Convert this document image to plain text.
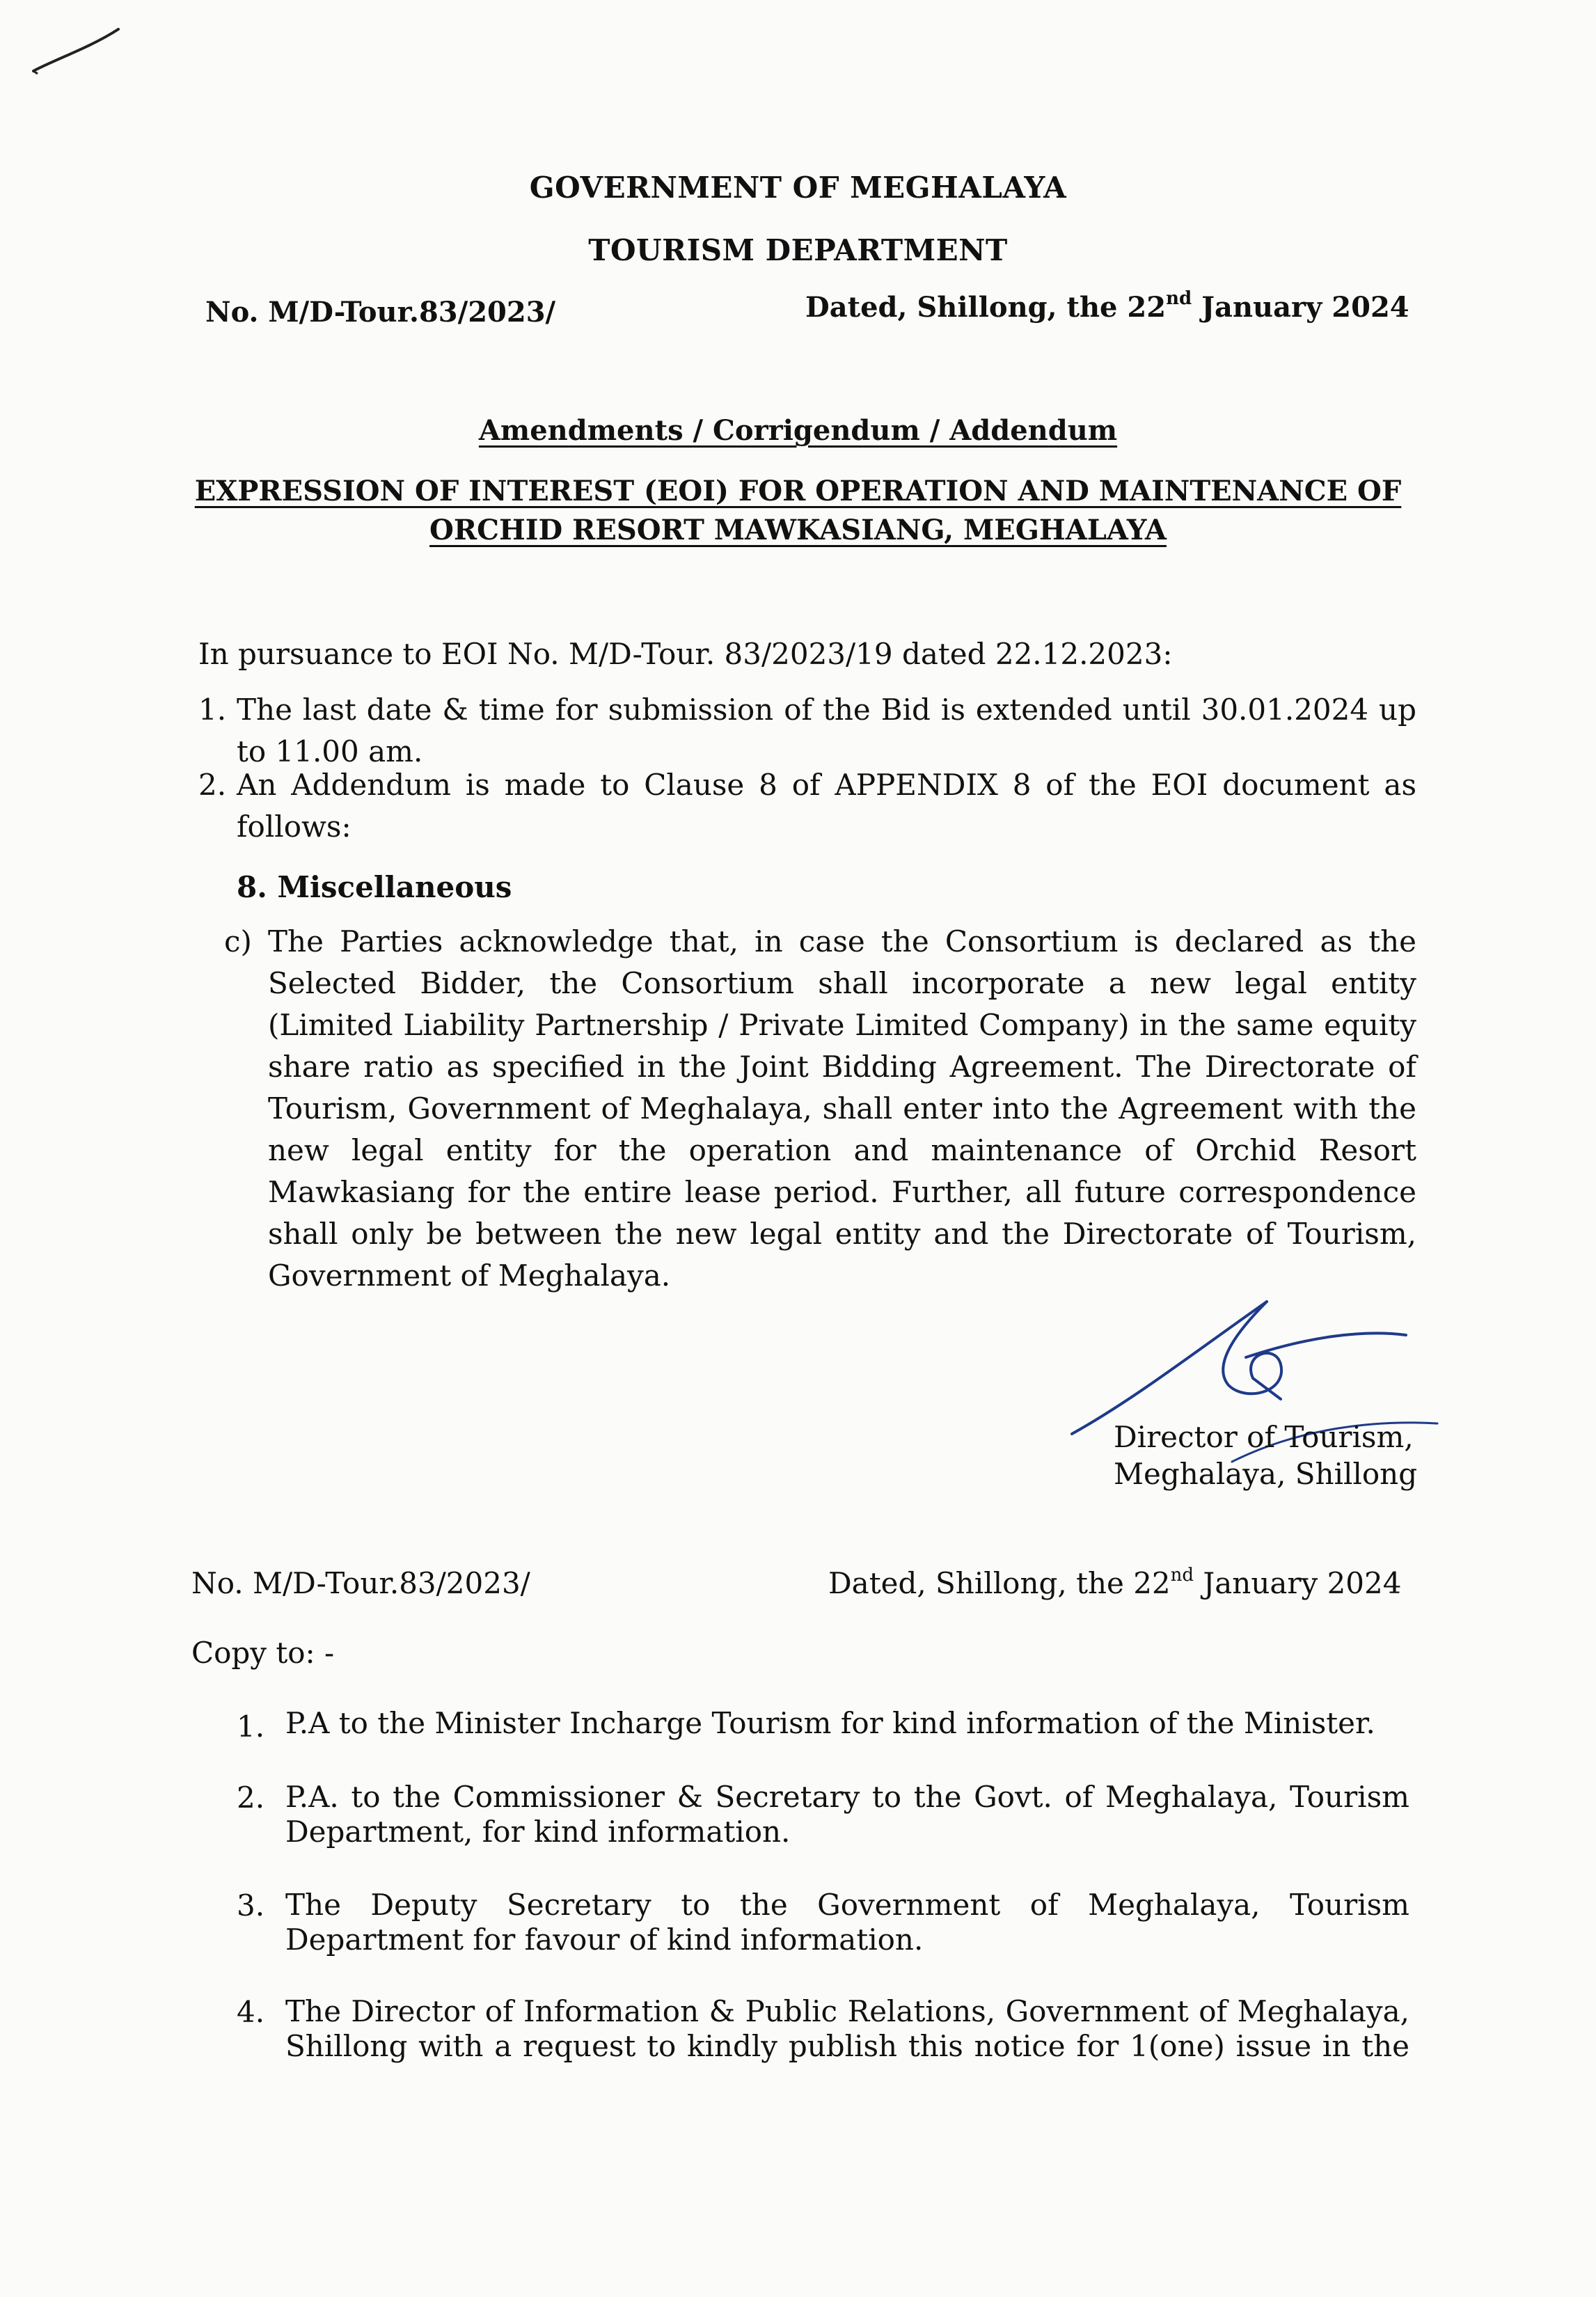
GOVERNMENT OF MEGHALAYA
TOURISM DEPARTMENT
No. M/D-Tour.83/2023/	Dated, Shillong, the 22nd January 2024
Amendments / Corrigendum / Addendum
EXPRESSION OF INTEREST (EOI) FOR OPERATION AND MAINTENANCE OF
ORCHID RESORT MAWKASIANG, MEGHALAYA
In pursuance to EOI No. M/D-Tour. 83/2023/19 dated 22.12.2023:
1. The last date & time for submission of the Bid is extended until 30.01.2024 up to 11.00 am.
2. An Addendum is made to Clause 8 of APPENDIX 8 of the EOI document as follows:
8. Miscellaneous
c) The Parties acknowledge that, in case the Consortium is declared as the Selected Bidder, the Consortium shall incorporate a new legal entity (Limited Liability Partnership / Private Limited Company) in the same equity share ratio as specified in the Joint Bidding Agreement. The Directorate of Tourism, Government of Meghalaya, shall enter into the Agreement with the new legal entity for the operation and maintenance of Orchid Resort Mawkasiang for the entire lease period. Further, all future correspondence shall only be between the new legal entity and the Directorate of Tourism, Government of Meghalaya.
Director of Tourism,
Meghalaya, Shillong
No. M/D-Tour.83/2023/	Dated, Shillong, the 22nd January 2024
Copy to: -
1. P.A to the Minister Incharge Tourism for kind information of the Minister.
2. P.A. to the Commissioner & Secretary to the Govt. of Meghalaya, Tourism Department, for kind information.
3. The Deputy Secretary to the Government of Meghalaya, Tourism Department for favour of kind information.
4. The Director of Information & Public Relations, Government of Meghalaya, Shillong with a request to kindly publish this notice for 1(one) issue in the
